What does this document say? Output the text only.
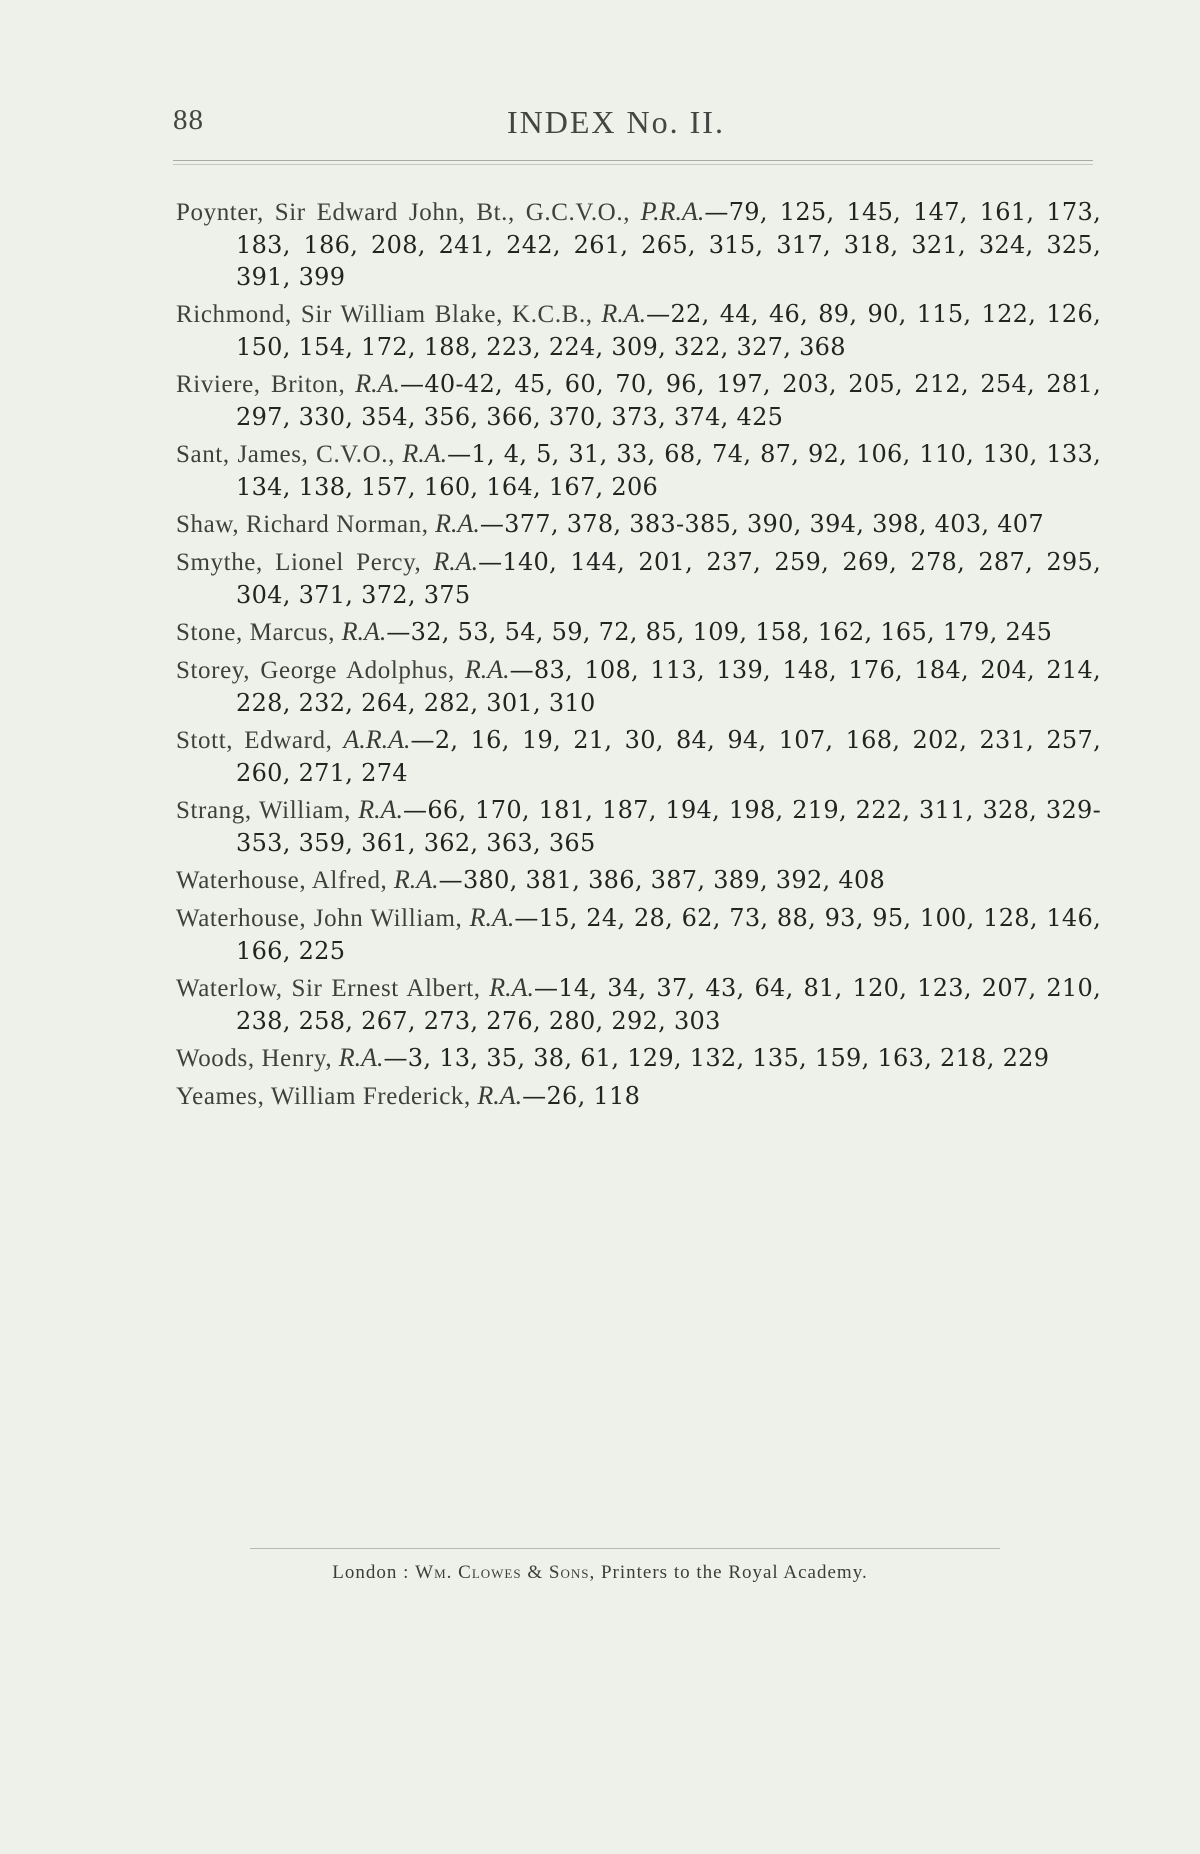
88	INDEX No. II.
Poynter, Sir Edward John, Bt., G.C.V.O., P.R.A.—79, 125, 145, 147, 161, 173, 183, 186, 208, 241, 242, 261, 265, 315, 317, 318, 321, 324, 325, 391, 399
Richmond, Sir William Blake, K.C.B., R.A.—22, 44, 46, 89, 90, 115, 122, 126, 150, 154, 172, 188, 223, 224, 309, 322, 327, 368
Riviere, Briton, R.A.—40-42, 45, 60, 70, 96, 197, 203, 205, 212, 254, 281, 297, 330, 354, 356, 366, 370, 373, 374, 425
Sant, James, C.V.O., R.A.—1, 4, 5, 31, 33, 68, 74, 87, 92, 106, 110, 130, 133, 134, 138, 157, 160, 164, 167, 206
Shaw, Richard Norman, R.A.—377, 378, 383-385, 390, 394, 398, 403, 407
Smythe, Lionel Percy, R.A.—140, 144, 201, 237, 259, 269, 278, 287, 295, 304, 371, 372, 375
Stone, Marcus, R.A.—32, 53, 54, 59, 72, 85, 109, 158, 162, 165, 179, 245
Storey, George Adolphus, R.A.—83, 108, 113, 139, 148, 176, 184, 204, 214, 228, 232, 264, 282, 301, 310
Stott, Edward, A.R.A.—2, 16, 19, 21, 30, 84, 94, 107, 168, 202, 231, 257, 260, 271, 274
Strang, William, R.A.—66, 170, 181, 187, 194, 198, 219, 222, 311, 328, 329-353, 359, 361, 362, 363, 365
Waterhouse, Alfred, R.A.—380, 381, 386, 387, 389, 392, 408
Waterhouse, John William, R.A.—15, 24, 28, 62, 73, 88, 93, 95, 100, 128, 146, 166, 225
Waterlow, Sir Ernest Albert, R.A.—14, 34, 37, 43, 64, 81, 120, 123, 207, 210, 238, 258, 267, 273, 276, 280, 292, 303
Woods, Henry, R.A.—3, 13, 35, 38, 61, 129, 132, 135, 159, 163, 218, 229
Yeames, William Frederick, R.A.—26, 118
London : Wm. Clowes & Sons, Printers to the Royal Academy.
